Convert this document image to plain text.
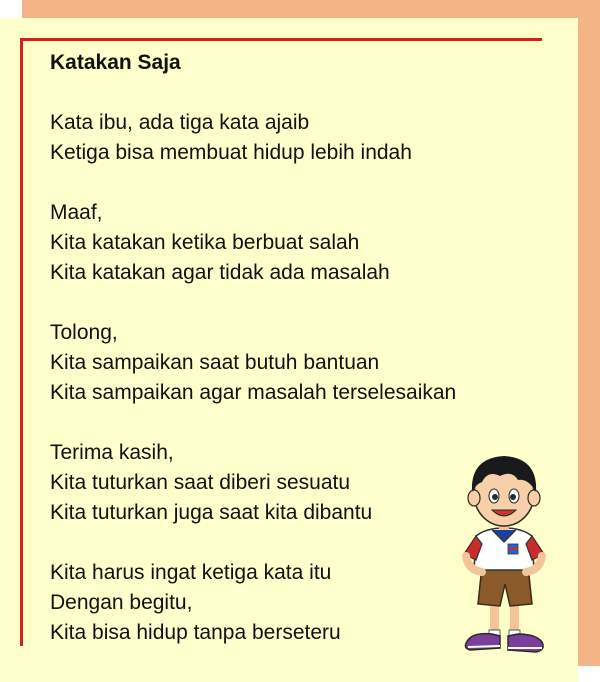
Katakan Saja
Kata ibu, ada tiga kata ajaib
Ketiga bisa membuat hidup lebih indah
Maaf,
Kita katakan ketika berbuat salah
Kita katakan agar tidak ada masalah
Tolong,
Kita sampaikan saat butuh bantuan
Kita sampaikan agar masalah terselesaikan
Terima kasih,
Kita tuturkan saat diberi sesuatu
Kita tuturkan juga saat kita dibantu
Kita harus ingat ketiga kata itu
Dengan begitu,
Kita bisa hidup tanpa berseteru
